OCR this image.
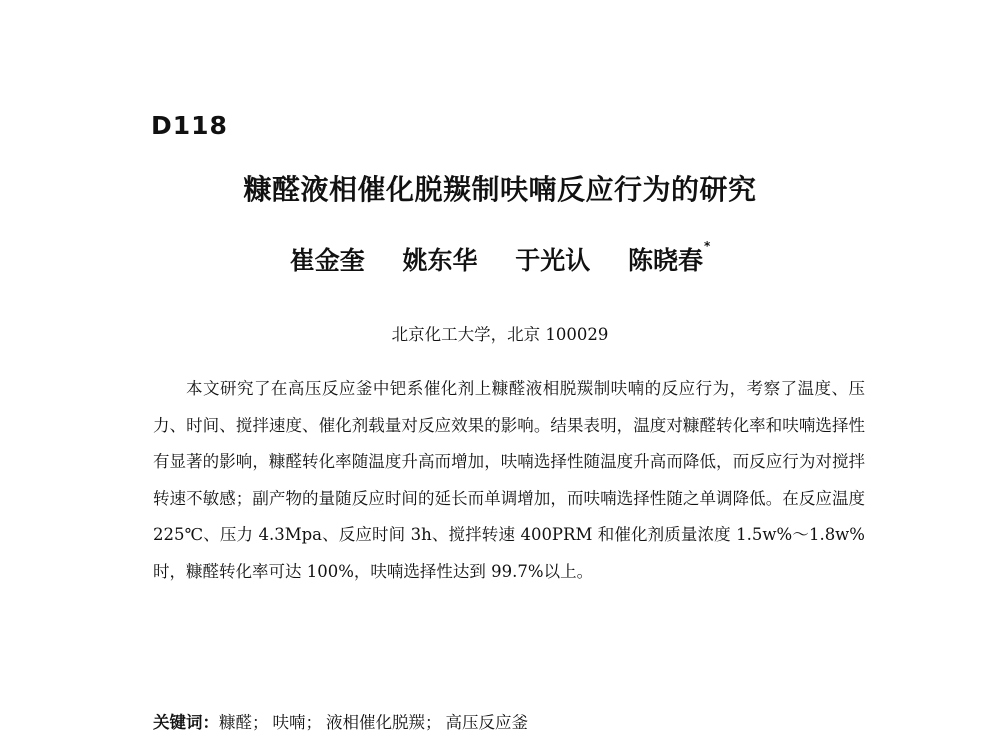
D118
糠醛液相催化脱羰制呋喃反应行为的研究
崔金奎 姚东华 于光认 陈晓春*
北京化工大学，北京 100029
本文研究了在高压反应釜中钯系催化剂上糠醛液相脱羰制呋喃的反应行为，考察了温度、压力、时间、搅拌速度、催化剂载量对反应效果的影响。结果表明，温度对糠醛转化率和呋喃选择性有显著的影响，糠醛转化率随温度升高而增加，呋喃选择性随温度升高而降低，而反应行为对搅拌转速不敏感；副产物的量随反应时间的延长而单调增加，而呋喃选择性随之单调降低。在反应温度 225℃、压力 4.3Mpa、反应时间 3h、搅拌转速 400PRM 和催化剂质量浓度 1.5w%～1.8w%时，糠醛转化率可达 100%，呋喃选择性达到 99.7%以上。
关键词：糠醛； 呋喃； 液相催化脱羰； 高压反应釜
